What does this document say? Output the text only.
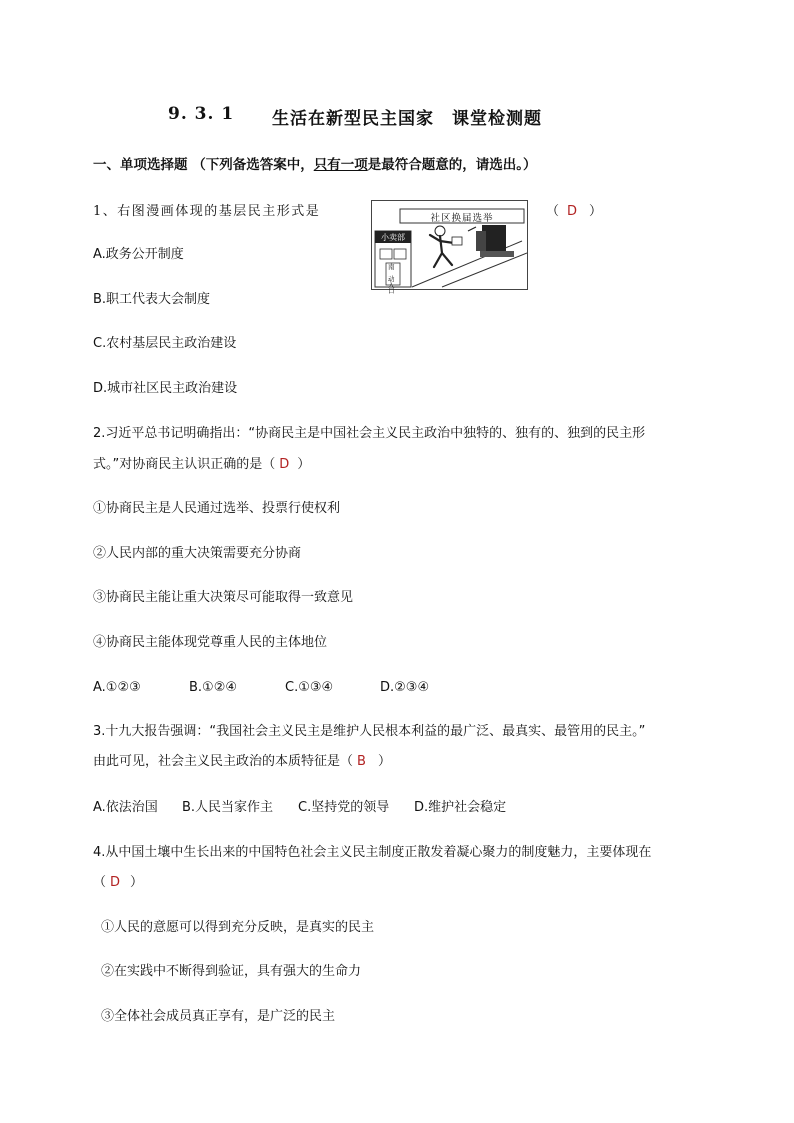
9. 3. 1 生活在新型民主国家　课堂检测题
一、单项选择题 （下列备选答案中，只有一项是最符合题意的，请选出。）
1、右图漫画体现的基层民主形式是	（ D ）
社区换届选举
小卖部
南 　 动 入 口
A.政务公开制度
B.职工代表大会制度
C.农村基层民主政治建设
D.城市社区民主政治建设
2.习近平总书记明确指出：“协商民主是中国社会主义民主政治中独特的、独有的、独到的民主形
式。”对协商民主认识正确的是（ D ）
①协商民主是人民通过选举、投票行使权利
②人民内部的重大决策需要充分协商
③协商民主能让重大决策尽可能取得一致意见
④协商民主能体现党尊重人民的主体地位
A.①②③	B.①②④	C.①③④	D.②③④
3.十九大报告强调：“我国社会主义民主是维护人民根本利益的最广泛、最真实、最管用的民主。”
由此可见，社会主义民主政治的本质特征是（ B ）
A.依法治国 B.人民当家作主 C.坚持党的领导 D.维护社会稳定
4.从中国土壤中生长出来的中国特色社会主义民主制度正散发着凝心聚力的制度魅力，主要体现在
（ D ）
①人民的意愿可以得到充分反映，是真实的民主
②在实践中不断得到验证，具有强大的生命力
③全体社会成员真正享有，是广泛的民主
